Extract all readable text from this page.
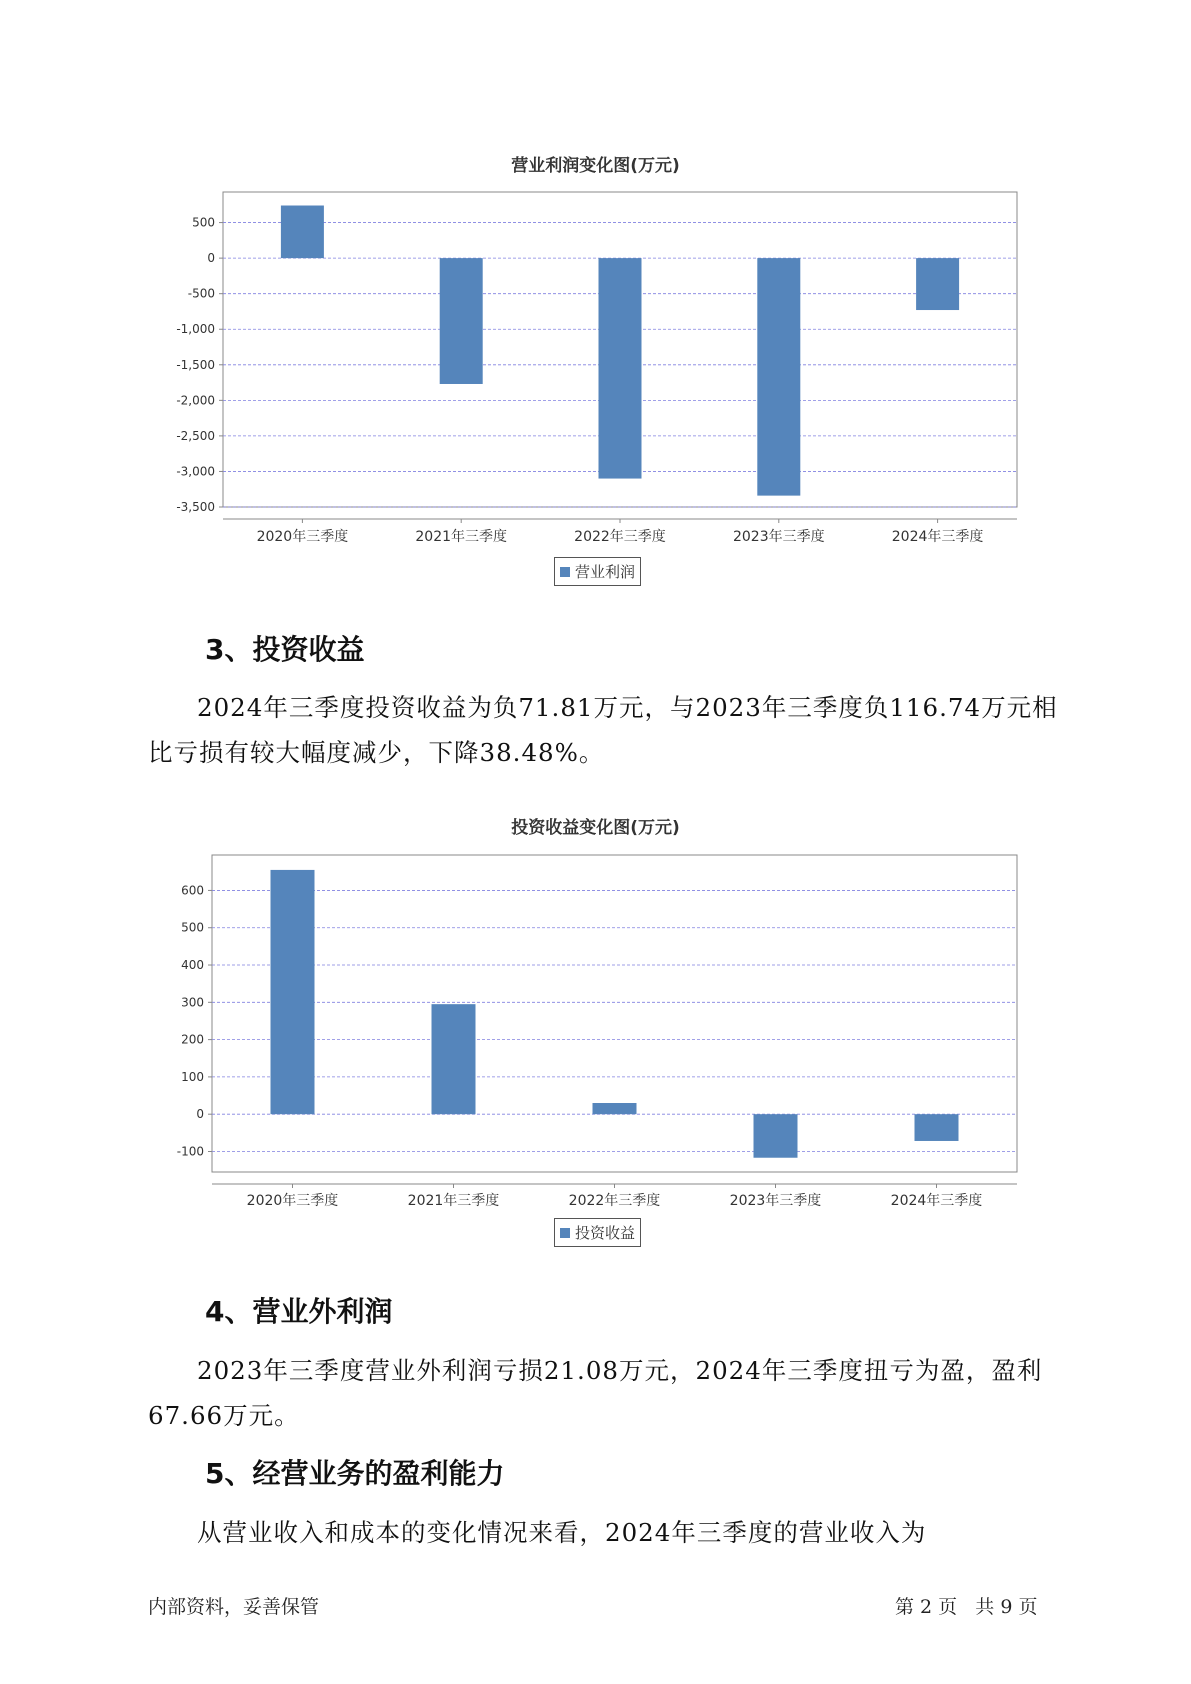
营业利润变化图(万元)
500
0
-500
-1,000
-1,500
-2,000
-2,500
-3,000
-3,500
2020年三季度	2021年三季度	2022年三季度	2023年三季度	2024年三季度
营业利润
3、投资收益
2024年三季度投资收益为负71.81万元，与2023年三季度负116.74万元相比亏损有较大幅度减少，下降38.48%。
投资收益变化图(万元)
600
500
400
300
200
100
0
-100
2020年三季度	2021年三季度	2022年三季度	2023年三季度	2024年三季度
投资收益
4、营业外利润
2023年三季度营业外利润亏损21.08万元，2024年三季度扭亏为盈，盈利67.66万元。
5、经营业务的盈利能力
从营业收入和成本的变化情况来看，2024年三季度的营业收入为
内部资料，妥善保管	第 2 页   共 9 页
